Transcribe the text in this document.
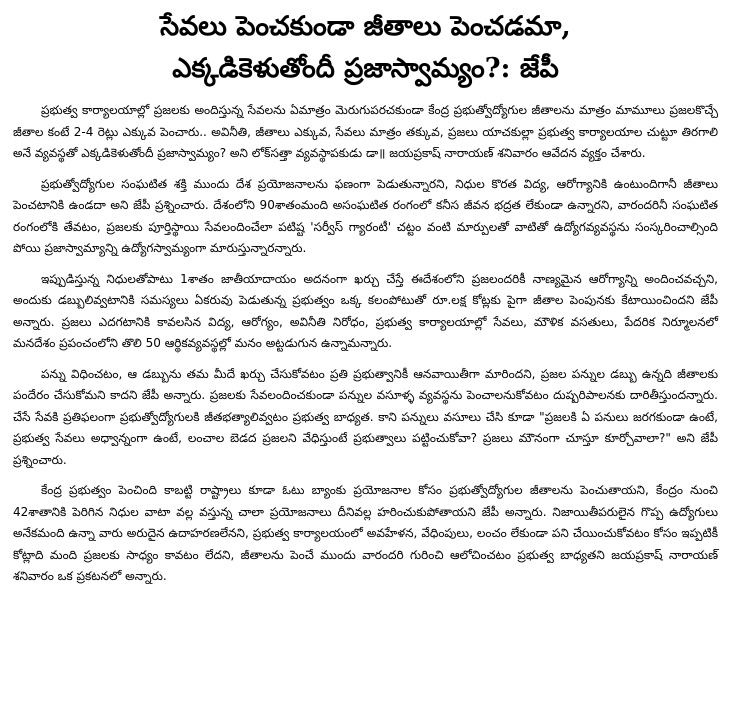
సేవలు పెంచకుండా జీతాలు పెంచడమా,
ఎక్కడికెళుతోందీ ప్రజాస్వామ్యం?: జేపీ

ప్రభుత్వ కార్యాలయాల్లో ప్రజలకు అందిస్తున్న సేవలను ఏమాత్రం మెరుగుపరచకుండా కేంద్ర ప్రభుత్వోద్యోగుల జీతాలను మాత్రం మామూలు ప్రజలకొచ్చే జీతాల కంటే 2-4 రెట్లు ఎక్కువ పెంచారు.. అవినీతి, జీతాలు ఎక్కువ, సేవలు మాత్రం తక్కువ, ప్రజలు యాచకుల్లా ప్రభుత్వ కార్యాలయాల చుట్టూ తిరగాలి అనే వ్యవస్థతో ఎక్కడికెళుతోందీ ప్రజాస్వామ్యం? అని లోక్‌సత్తా వ్యవస్థాపకుడు డా॥ జయప్రకాష్ నారాయణ్ శనివారం ఆవేదన వ్యక్తం చేశారు.

ప్రభుత్వోద్యోగుల సంఘటిత శక్తి ముందు దేశ ప్రయోజనాలను ఫణంగా పెడుతున్నారని, నిధుల కొరత విద్య, ఆరోగ్యానికి ఉంటుందిగానీ జీతాలు పెంచటానికి ఉండదా అని జేపీ ప్రశ్నించారు. దేశంలోని 90శాతంమంది అసంఘటిత రంగంలో కనీస జీవన భద్రత లేకుండా ఉన్నారని, వారందరినీ సంఘటిత రంగంలోకి తేవటం, ప్రజలకు పూర్తిస్థాయి సేవలందించేలా పటిష్ట 'సర్వీస్ గ్యారంటీ' చట్టం వంటి మార్పులతో వాటితో ఉద్యోగవ్యవస్థను సంస్కరించాల్సింది పోయి ప్రజాస్వామ్యాన్ని ఉద్యోగస్వామ్యంగా మారుస్తున్నారన్నారు.

ఇప్పుడిస్తున్న నిధులతోపాటు 1శాతం జాతీయాదాయం అదనంగా ఖర్చు చేస్తే ఈదేశంలోని ప్రజలందరికీ నాణ్యమైన ఆరోగ్యాన్ని అందించవచ్చని, అందుకు డబ్బులివ్వటానికి సమస్యలు ఏకరువు పెడుతున్న ప్రభుత్వం ఒక్క కలంపోటుతో రూ.లక్ష కోట్లకు పైగా జీతాల పెంపునకు కేటాయించిందని జేపీ అన్నారు. ప్రజలు ఎదగటానికి కావలసిన విద్య, ఆరోగ్యం, అవినీతి నిరోధం, ప్రభుత్వ కార్యాలయాల్లో సేవలు, మౌళిక వసతులు, పేదరిక నిర్మూలనలో మనదేశం ప్రపంచంలోని తొలి 50 ఆర్థికవ్యవస్థల్లో మనం అట్టడుగున ఉన్నామన్నారు.

పన్ను విధించటం, ఆ డబ్బును తమ మీదే ఖర్చు చేసుకోవటం ప్రతి ప్రభుత్వానికీ ఆనవాయితీగా మారిందని, ప్రజల పన్నుల డబ్బు ఉన్నది జీతాలకు పందేరం చేసుకోమని కాదని జేపీ అన్నారు. ప్రజలకు సేవలందించకుండా పన్నుల వసూళ్ళ వ్యవస్థను పెంచాలనుకోవటం దుష్పరిపాలనకు దారితీస్తుందన్నారు. చేసే సేవకి ప్రతిఫలంగా ప్రభుత్వోద్యోగులకి జీతభత్యాలివ్వటం ప్రభుత్వ బాధ్యత. కాని పన్నులు వసూలు చేసి కూడా "ప్రజలకి ఏ పనులు జరగకుండా ఉంటే, ప్రభుత్వ సేవలు అధ్వాన్నంగా ఉంటే, లంచాల బెడద ప్రజలని వేధిస్తుంటే ప్రభుత్వాలు పట్టించుకోవా? ప్రజలు మౌనంగా చూస్తూ కూర్చోవాలా?" అని జేపీ ప్రశ్నించారు.

కేంద్ర ప్రభుత్వం పెంచింది కాబట్టి రాష్ట్రాలు కూడా ఓటు బ్యాంకు ప్రయోజనాల కోసం ప్రభుత్వోద్యోగుల జీతాలను పెంచుతాయని, కేంద్రం నుంచి 42శాతానికి పెరిగిన నిధుల వాటా వల్ల వస్తున్న చాలా ప్రయోజనాలు దీనివల్ల హరించుకుపోతాయని జేపీ అన్నారు. నిజాయితీపరులైన గొప్ప ఉద్యోగులు అనేకమంది ఉన్నా వారు అరుదైన ఉదాహరణలేనని, ప్రభుత్వ కార్యాలయంలో అవహేళన, వేధింపులు, లంచం లేకుండా పని చేయించుకోవటం కోసం ఇప్పటికీ కోట్లాది మంది ప్రజలకు సాధ్యం కావటం లేదని, జీతాలను పెంచే ముందు వారందరి గురించి ఆలోచించటం ప్రభుత్వ బాధ్యతని జయప్రకాష్ నారాయణ్ శనివారం ఒక ప్రకటనలో అన్నారు.
